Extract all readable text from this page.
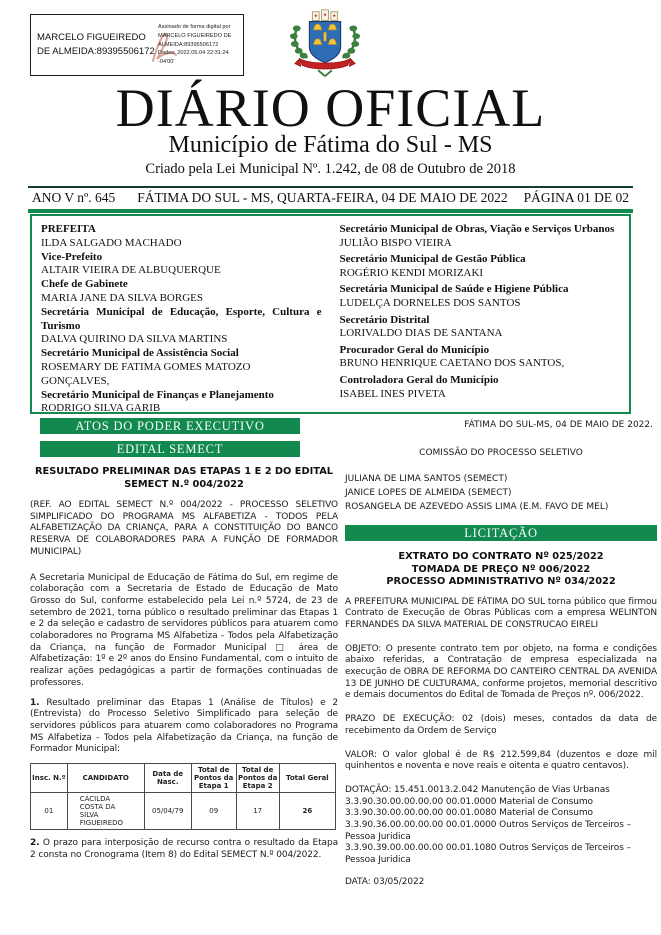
MARCELO FIGUEIREDO DE ALMEIDA:89395506172
Assinado de forma digital por
MARCELO FIGUEIREDO DE
ALMEIDA:89395506172
Dados: 2022.05.04 22:31:24 -04'00'
DIÁRIO OFICIAL
Município de Fátima do Sul - MS
Criado pela Lei Municipal Nº. 1.242, de 08 de Outubro de 2018
ANO V nº. 645 FÁTIMA DO SUL - MS, QUARTA-FEIRA, 04 DE MAIO DE 2022	PÁGINA 01 DE 02
PREFEITA
ILDA SALGADO MACHADO
Vice-Prefeito
ALTAIR VIEIRA DE ALBUQUERQUE
Chefe de Gabinete
MARIA JANE DA SILVA BORGES
Secretária Municipal de Educação, Esporte, Cultura e Turismo
DALVA QUIRINO DA SILVA MARTINS
Secretário Municipal de Assistência Social
ROSEMARY DE FATIMA GOMES MATOZO GONÇALVES,
Secretário Municipal de Finanças e Planejamento
RODRIGO SILVA GARIB
Secretário Municipal de Obras, Viação e Serviços Urbanos
JULIÃO BISPO VIEIRA
Secretário Municipal de Gestão Pública
ROGÉRIO KENDI MORIZAKI
Secretária Municipal de Saúde e Higiene Pública
LUDELÇA DORNELES DOS SANTOS
Secretário Distrital
LORIVALDO DIAS DE SANTANA
Procurador Geral do Município
BRUNO HENRIQUE CAETANO DOS SANTOS,
Controladora Geral do Município
ISABEL INES PIVETA
ATOS DO PODER EXECUTIVO
EDITAL SEMECT
RESULTADO PRELIMINAR DAS ETAPAS 1 E 2 DO EDITAL SEMECT N.º 004/2022
(REF. AO EDITAL SEMECT N.º 004/2022 - PROCESSO SELETIVO SIMPLIFICADO DO PROGRAMA MS ALFABETIZA - TODOS PELA ALFABETIZAÇÃO DA CRIANÇA, PARA A CONSTITUIÇÃO DO BANCO RESERVA DE COLABORADORES PARA A FUNÇÃO DE FORMADOR MUNICIPAL)
A Secretaria Municipal de Educação de Fátima do Sul, em regime de colaboração com a Secretaria de Estado de Educação de Mato Grosso do Sul, conforme estabelecido pela Lei n.º 5724, de 23 de setembro de 2021, torna público o resultado preliminar das Etapas 1 e 2 da seleção e cadastro de servidores públicos para atuarem como colaboradores no Programa MS Alfabetiza - Todos pela Alfabetização da Criança, na função de Formador Municipal □ área de Alfabetização: 1º e 2º anos do Ensino Fundamental, com o intuito de realizar ações pedagógicas a partir de formações continuadas de professores.
1. Resultado preliminar das Etapas 1 (Análise de Títulos) e 2 (Entrevista) do Processo Seletivo Simplificado para seleção de servidores públicos para atuarem como colaboradores no Programa MS Alfabetiza - Todos pela Alfabetização da Criança, na função de Formador Municipal:
Insc. N.º	CANDIDATO	Data de Nasc.	Total de Pontos da Etapa 1	Total de Pontos da Etapa 2	Total Geral
01	CACILDA COSTA DA SILVA FIGUEIREDO	05/04/79	09	17	26
2. O prazo para interposição de recurso contra o resultado da Etapa 2 consta no Cronograma (Item 8) do Edital SEMECT N.º 004/2022.
FÁTIMA DO SUL-MS, 04 DE MAIO DE 2022.
COMISSÃO DO PROCESSO SELETIVO
JULIANA DE LIMA SANTOS (SEMECT)
JANICE LOPES DE ALMEIDA (SEMECT)
ROSANGELA DE AZEVEDO ASSIS LIMA (E.M. FAVO DE MEL)
LICITAÇÃO
EXTRATO DO CONTRATO Nº 025/2022
TOMADA DE PREÇO Nº 006/2022
PROCESSO ADMINISTRATIVO Nº 034/2022
A PREFEITURA MUNICIPAL DE FÁTIMA DO SUL torna público que firmou Contrato de Execução de Obras Públicas com a empresa WELINTON FERNANDES DA SILVA MATERIAL DE CONSTRUCAO EIRELI
OBJETO: O presente contrato tem por objeto, na forma e condições abaixo referidas, a Contratação de empresa especializada na execução de OBRA DE REFORMA DO CANTEIRO CENTRAL DA AVENIDA 13 DE JUNHO DE CULTURAMA, conforme projetos, memorial descritivo e demais documentos do Edital de Tomada de Preços nº. 006/2022.
PRAZO DE EXECUÇÃO: 02 (dois) meses, contados da data de recebimento da Ordem de Serviço
VALOR: O valor global é de R$ 212.599,84 (duzentos e doze mil quinhentos e noventa e nove reais e oitenta e quatro centavos).
DOTAÇÃO: 15.451.0013.2.042 Manutenção de Vias Urbanas
3.3.90.30.00.00.00.00 00.01.0000 Material de Consumo
3.3.90.30.00.00.00.00 00.01.0080 Material de Consumo
3.3.90.36.00.00.00.00 00.01.0000 Outros Serviços de Terceiros – Pessoa Juridica
3.3.90.39.00.00.00.00 00.01.1080 Outros Serviços de Terceiros – Pessoa Juridica
DATA: 03/05/2022
